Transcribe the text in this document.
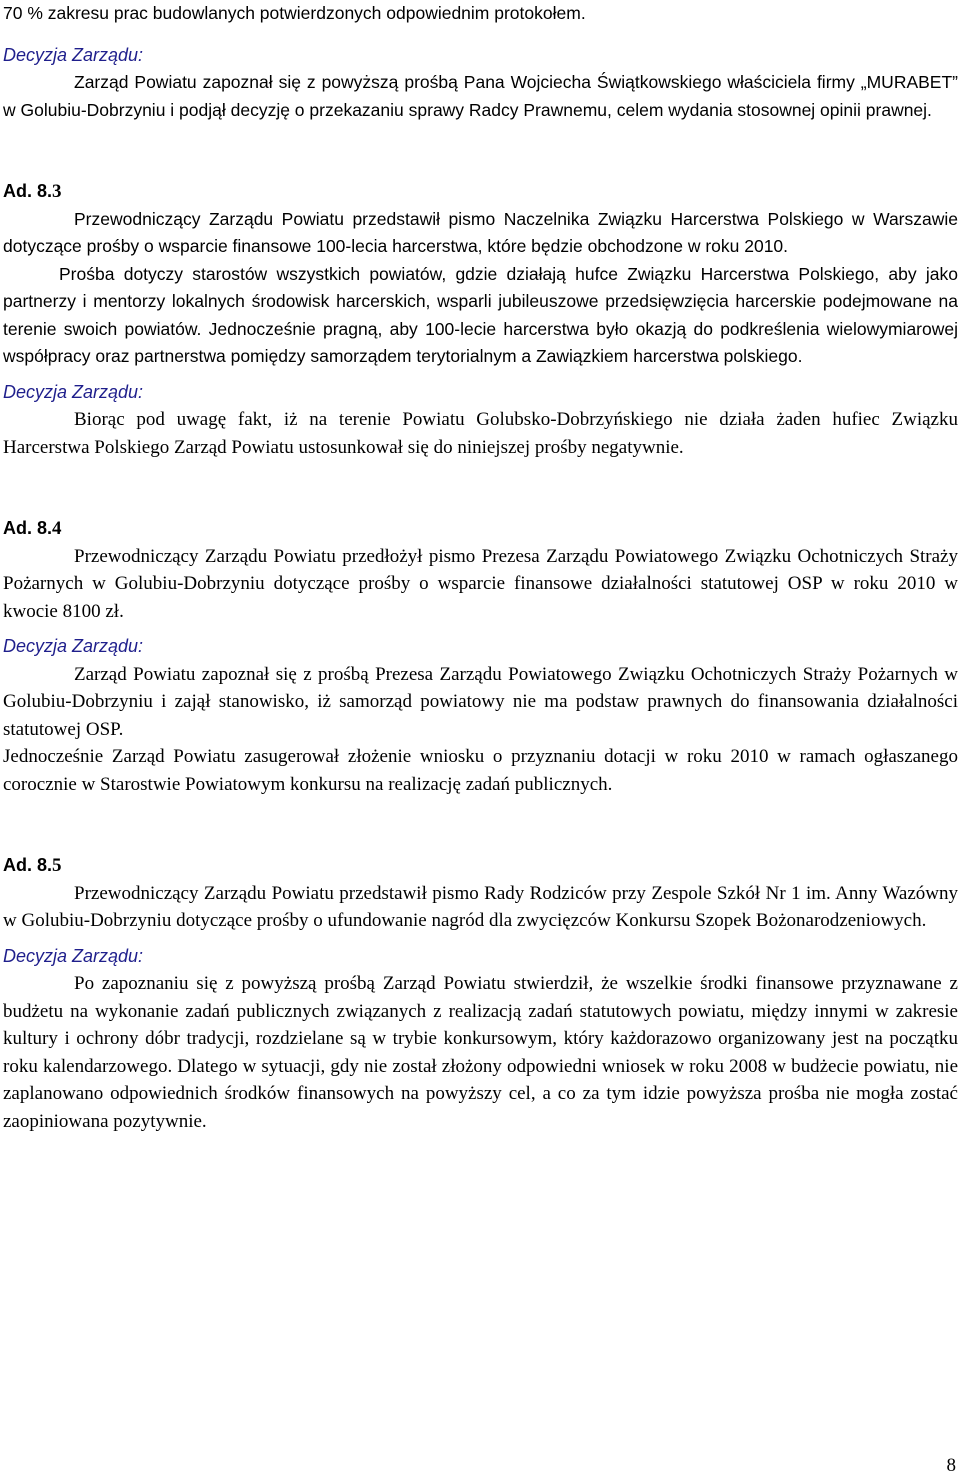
70 % zakresu prac budowlanych potwierdzonych odpowiednim protokołem.

Decyzja Zarządu:

Zarząd Powiatu zapoznał się z powyższą prośbą Pana Wojciecha Świątkowskiego właściciela firmy „MURABET” w Golubiu-Dobrzyniu i podjął decyzję o przekazaniu sprawy Radcy Prawnemu, celem wydania stosownej opinii prawnej.

Ad. 8.3

Przewodniczący Zarządu Powiatu przedstawił pismo Naczelnika Związku Harcerstwa Polskiego w Warszawie dotyczące prośby o wsparcie finansowe 100-lecia harcerstwa, które będzie obchodzone w roku 2010.

Prośba dotyczy starostów wszystkich powiatów, gdzie działają hufce Związku Harcerstwa Polskiego, aby jako partnerzy i mentorzy lokalnych środowisk harcerskich, wsparli jubileuszowe przedsięwzięcia harcerskie podejmowane na terenie swoich powiatów. Jednocześnie pragną, aby 100-lecie harcerstwa było okazją do podkreślenia wielowymiarowej współpracy oraz partnerstwa pomiędzy samorządem terytorialnym a Zawiązkiem harcerstwa polskiego.

Decyzja Zarządu:

Biorąc pod uwagę fakt, iż na terenie Powiatu Golubsko-Dobrzyńskiego nie działa żaden hufiec Związku Harcerstwa Polskiego Zarząd Powiatu ustosunkował się do niniejszej prośby negatywnie.

Ad. 8.4

Przewodniczący Zarządu Powiatu przedłożył pismo Prezesa Zarządu Powiatowego Związku Ochotniczych Straży Pożarnych w Golubiu-Dobrzyniu dotyczące prośby o wsparcie finansowe działalności statutowej OSP w roku 2010 w kwocie 8100 zł.

Decyzja Zarządu:

Zarząd Powiatu zapoznał się z prośbą Prezesa Zarządu Powiatowego Związku Ochotniczych Straży Pożarnych w Golubiu-Dobrzyniu i zajął stanowisko, iż samorząd powiatowy nie ma podstaw prawnych do finansowania działalności statutowej OSP.

Jednocześnie Zarząd Powiatu zasugerował złożenie wniosku o przyznaniu dotacji w roku 2010 w ramach ogłaszanego corocznie w Starostwie Powiatowym konkursu na realizację zadań publicznych.

Ad. 8.5

Przewodniczący Zarządu Powiatu przedstawił pismo Rady Rodziców przy Zespole Szkół Nr 1 im. Anny Wazówny w Golubiu-Dobrzyniu dotyczące prośby o ufundowanie nagród dla zwycięzców Konkursu Szopek Bożonarodzeniowych.

Decyzja Zarządu:

Po zapoznaniu się z powyższą prośbą Zarząd Powiatu stwierdził, że wszelkie środki finansowe przyznawane z budżetu na wykonanie zadań publicznych związanych z realizacją zadań statutowych powiatu, między innymi w zakresie kultury i ochrony dóbr tradycji, rozdzielane są w trybie konkursowym, który każdorazowo organizowany jest na początku roku kalendarzowego. Dlatego w sytuacji, gdy nie został złożony odpowiedni wniosek w roku 2008 w budżecie powiatu, nie zaplanowano odpowiednich środków finansowych na powyższy cel, a co za tym idzie powyższa prośba nie mogła zostać zaopiniowana pozytywnie.

8
